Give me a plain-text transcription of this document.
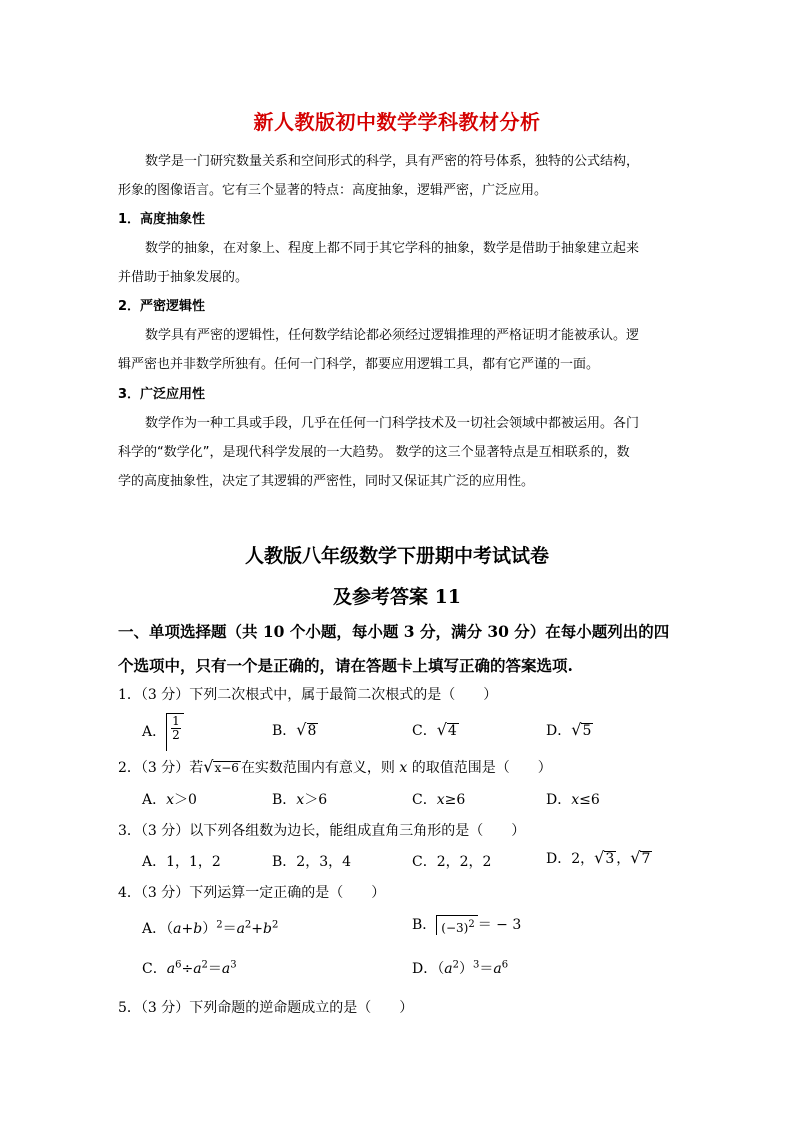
新人教版初中数学学科教材分析
数学是一门研究数量关系和空间形式的科学，具有严密的符号体系，独特的公式结构，
形象的图像语言。它有三个显著的特点：高度抽象，逻辑严密，广泛应用。
1．高度抽象性
数学的抽象，在对象上、程度上都不同于其它学科的抽象，数学是借助于抽象建立起来
并借助于抽象发展的。
2．严密逻辑性
数学具有严密的逻辑性，任何数学结论都必须经过逻辑推理的严格证明才能被承认。逻
辑严密也并非数学所独有。任何一门科学，都要应用逻辑工具，都有它严谨的一面。
3．广泛应用性
数学作为一种工具或手段，几乎在任何一门科学技术及一切社会领域中都被运用。各门
科学的“数学化”，是现代科学发展的一大趋势。 数学的这三个显著特点是互相联系的，数
学的高度抽象性，决定了其逻辑的严密性，同时又保证其广泛的应用性。
人教版八年级数学下册期中考试试卷
及参考答案 11
一、单项选择题（共 10 个小题，每小题 3 分，满分 30 分）在每小题列出的四
个选项中，只有一个是正确的，请在答题卡上填写正确的答案选项.
1．（3 分）下列二次根式中，属于最简二次根式的是（　　）
A． $\frac{1}{2}$	B．√8	C．√4	D．√5
2．（3 分）若√x−6 在实数范围内有意义，则 x 的取值范围是（　　）
A．x＞0	B．x＞6	C．x≥6	D．x≤6
3．（3 分）以下列各组数为边长，能组成直角三角形的是（　　）
A．1，1，2	B．2，3，4	C．2，2，2	D．2，√3 ，√7
4．（3 分）下列运算一定正确的是（　　）
A．$(a+b)^2=a^2+b^2$	B． $(-3)^2$ ＝ − 3
C．$a^6\div a^2=a^3$	D．$(a^2)^3=a^6$
5．（3 分）下列命题的逆命题成立的是（　　）
